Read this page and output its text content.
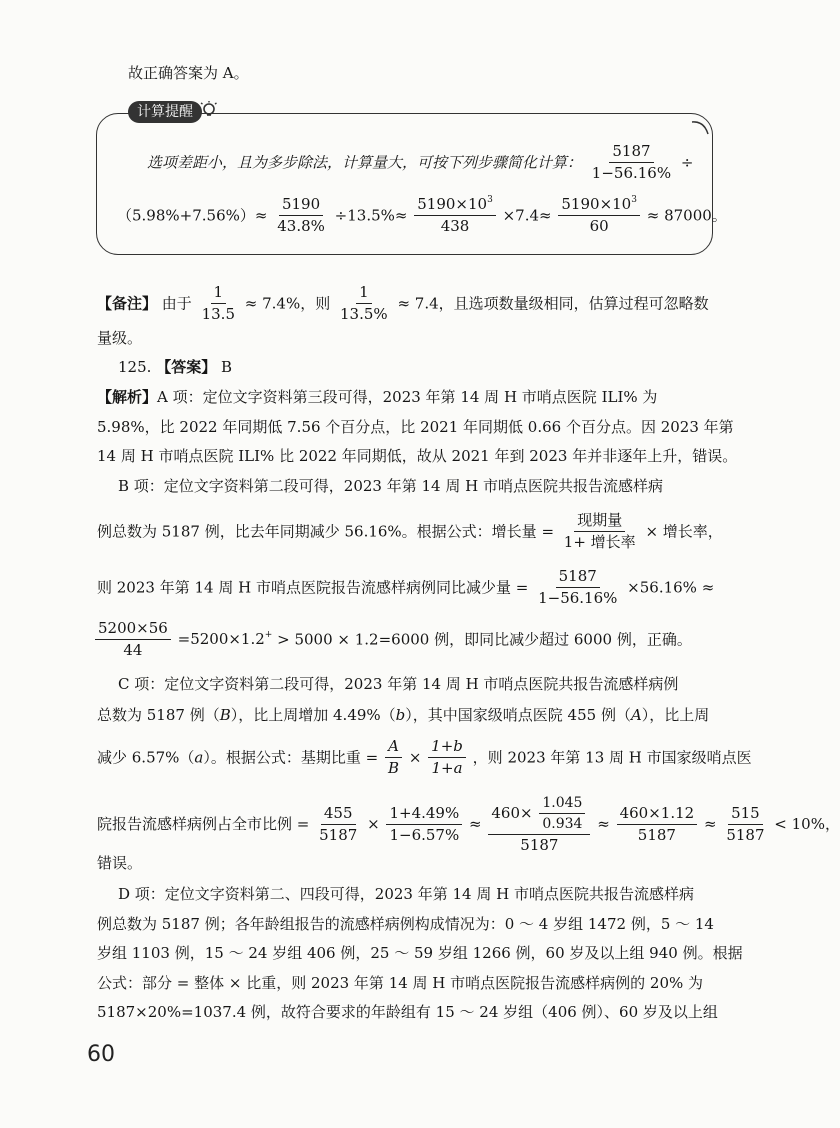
故正确答案为 A。
计算提醒
选项差距小，且为多步除法，计算量大，可按下列步骤简化计算： $\frac{5187}{1-56.16\%}$ ÷
$(5.98\%+7.56\%)\approx \frac{5190}{43.8\%} \div 13.5\%\approx \frac{5190\times 10^3}{438} \times 7.4\approx \frac{5190\times 10^3}{60} \approx 87000$。
【备注】 由于 $\frac{1}{13.5} \approx 7.4\%$，则 $\frac{1}{13.5\%} \approx 7.4$，且选项数量级相同，估算过程可忽略数
量级。
125. 【答案】 B
【解析】A 项：定位文字资料第三段可得，2023 年第 14 周 H 市哨点医院 ILI% 为
5.98%，比 2022 年同期低 7.56 个百分点，比 2021 年同期低 0.66 个百分点。因 2023 年第
14 周 H 市哨点医院 ILI% 比 2022 年同期低，故从 2021 年到 2023 年并非逐年上升，错误。
B 项：定位文字资料第二段可得，2023 年第 14 周 H 市哨点医院共报告流感样病
例总数为 5187 例，比去年同期减少 56.16%。根据公式：增长量 = $\frac{\text{现期量}}{\text{1+ 增长率}}$ × 增长率，
则 2023 年第 14 周 H 市哨点医院报告流感样病例同比减少量 = $\frac{5187}{1-56.16\%} \times 56.16\%$ ≈
$\frac{5200\times 56}{44} =5200\times 1.2^+ > 5000 \times 1.2=6000$ 例，即同比减少超过 6000 例，正确。
C 项：定位文字资料第二段可得，2023 年第 14 周 H 市哨点医院共报告流感样病例
总数为 5187 例（B），比上周增加 4.49%（b），其中国家级哨点医院 455 例（A），比上周
减少 6.57%（a）。根据公式：基期比重 = $\frac{A}{B} \times \frac{1+b}{1+a}$ ，则 2023 年第 13 周 H 市国家级哨点医
院报告流感样病例占全市比例 = $\frac{455}{5187} \times \frac{1+4.49\%}{1-6.57\%} \approx \frac{460\times \frac{1.045}{0.934}}{5187} \approx \frac{460\times 1.12}{5187} \approx \frac{515}{5187} < 10\%$，
错误。
D 项：定位文字资料第二、四段可得，2023 年第 14 周 H 市哨点医院共报告流感样病
例总数为 5187 例；各年龄组报告的流感样病例构成情况为：0 ～ 4 岁组 1472 例，5 ～ 14
岁组 1103 例，15 ～ 24 岁组 406 例，25 ～ 59 岁组 1266 例，60 岁及以上组 940 例。根据
公式：部分 = 整体 × 比重，则 2023 年第 14 周 H 市哨点医院报告流感样病例的 20% 为
5187×20%=1037.4 例，故符合要求的年龄组有 15 ～ 24 岁组（406 例）、60 岁及以上组
60
